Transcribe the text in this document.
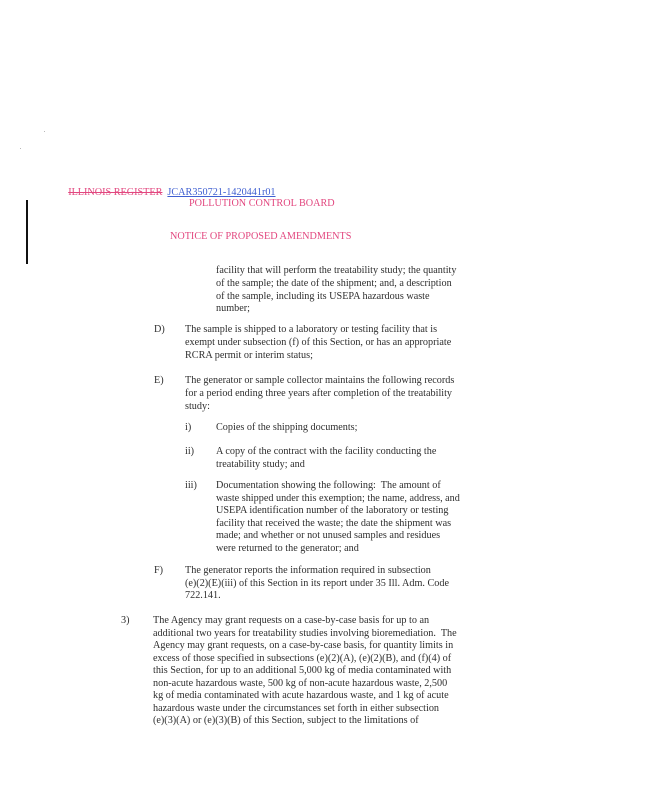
ILLINOIS REGISTER JCAR350721-1420441r01

POLLUTION CONTROL BOARD
NOTICE OF PROPOSED AMENDMENTS
facility that will perform the treatability study; the quantity
of the sample; the date of the shipment; and, a description
of the sample, including its USEPA hazardous waste
number;
D) The sample is shipped to a laboratory or testing facility that is
exempt under subsection (f) of this Section, or has an appropriate
RCRA permit or interim status;
E) The generator or sample collector maintains the following records
for a period ending three years after completion of the treatability
study:
i) Copies of the shipping documents;
ii) A copy of the contract with the facility conducting the
treatability study; and
iii) Documentation showing the following:  The amount of
waste shipped under this exemption; the name, address, and
USEPA identification number of the laboratory or testing
facility that received the waste; the date the shipment was
made; and whether or not unused samples and residues
were returned to the generator; and
F) The generator reports the information required in subsection
(e)(2)(E)(iii) of this Section in its report under 35 Ill. Adm. Code
722.141.
3) The Agency may grant requests on a case-by-case basis for up to an
additional two years for treatability studies involving bioremediation.  The
Agency may grant requests, on a case-by-case basis, for quantity limits in
excess of those specified in subsections (e)(2)(A), (e)(2)(B), and (f)(4) of
this Section, for up to an additional 5,000 kg of media contaminated with
non-acute hazardous waste, 500 kg of non-acute hazardous waste, 2,500
kg of media contaminated with acute hazardous waste, and 1 kg of acute
hazardous waste under the circumstances set forth in either subsection
(e)(3)(A) or (e)(3)(B) of this Section, subject to the limitations of
